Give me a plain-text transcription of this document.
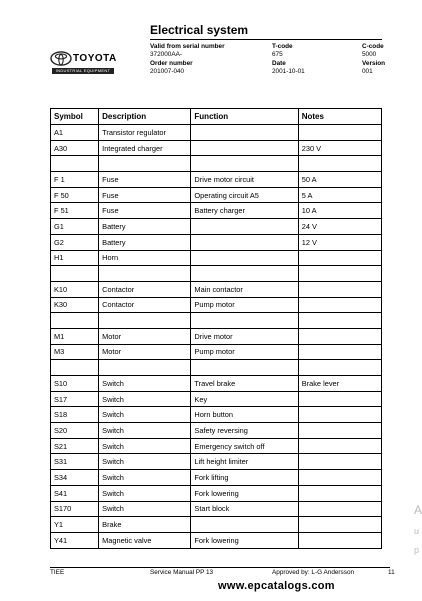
TOYOTA
INDUSTRIAL EQUIPMENT
Electrical system
Valid from serial number
372000AA-
Order number
201007-040
T-code
675
Date
2001-10-01
C-code
5000
Version
001
Symbol	Description	Function	Notes
A1	Transistor regulator		
A30	Integrated charger		230 V

F 1	Fuse	Drive motor circuit	50 A
F 50	Fuse	Operating circuit A5	5 A
F 51	Fuse	Battery charger	10 A
G1	Battery		24 V
G2	Battery		12 V
H1	Horn		

K10	Contactor	Main contactor	
K30	Contactor	Pump motor	

M1	Motor	Drive motor	
M3	Motor	Pump motor	

S10	Switch	Travel brake	Brake lever
S17	Switch	Key	
S18	Switch	Horn button	
S20	Switch	Safety reversing	
S21	Switch	Emergency switch off	
S31	Switch	Lift height limiter	
S34	Switch	Fork lifting	
S41	Switch	Fork lowering	
S170	Switch	Start block	
Y1	Brake		
Y41	Magnetic valve	Fork lowering	
TIEE	Service Manual PP 13	Approved by: L-G Andersson	11
www.epcatalogs.com
A
u
p
